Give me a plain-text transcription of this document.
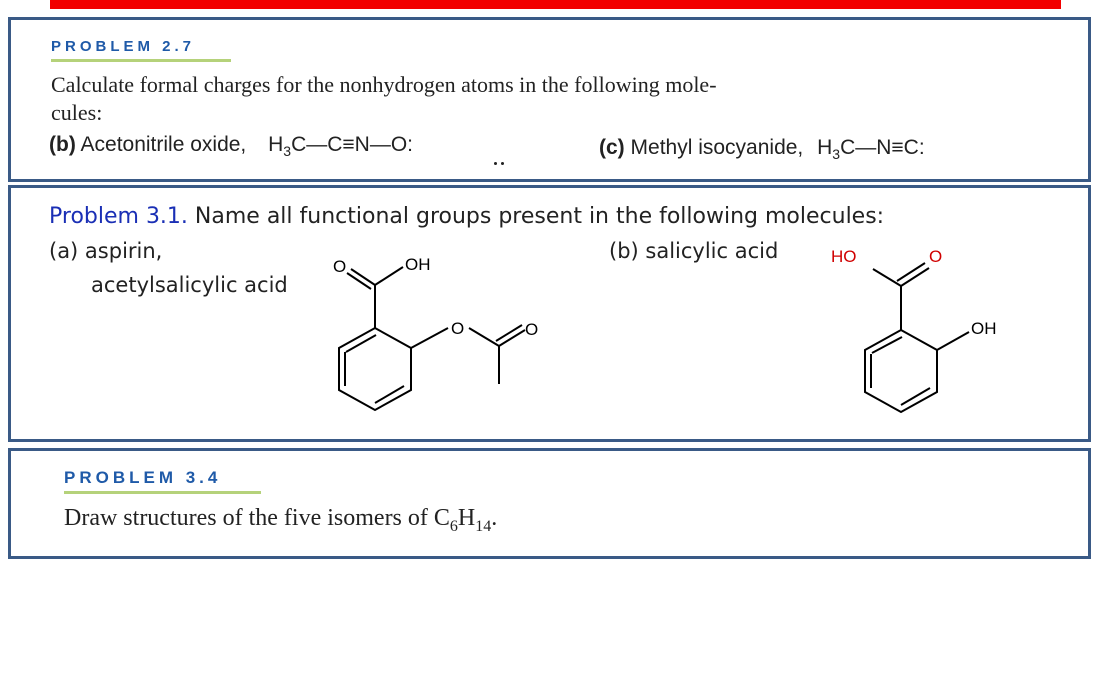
PROBLEM 2.7
Calculate formal charges for the nonhydrogen atoms in the following mole-
cules:
(b) Acetonitrile oxide, $H_3C—C\equiv N—O$:	(c) Methyl isocyanide, $H_3C—N\equiv C$:
Problem 3.1. Name all functional groups present in the following molecules:
(a) aspirin,
acetylsalicylic acid
(b) salicylic acid
O	OH
O	O
HO	O
OH
PROBLEM 3.4
Draw structures of the five isomers of $C_6H_{14}$.
